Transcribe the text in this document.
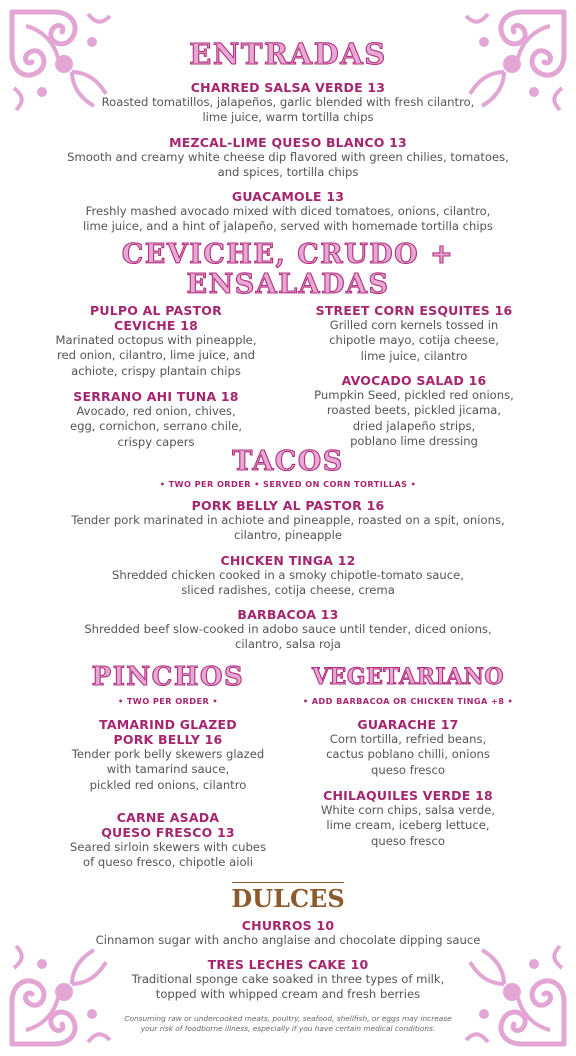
ENTRADAS
CHARRED SALSA VERDE 13
Roasted tomatillos, jalapeños, garlic blended with fresh cilantro,
lime juice, warm tortilla chips
MEZCAL-LIME QUESO BLANCO 13
Smooth and creamy white cheese dip flavored with green chilies, tomatoes,
and spices, tortilla chips
GUACAMOLE 13
Freshly mashed avocado mixed with diced tomatoes, onions, cilantro,
lime juice, and a hint of jalapeño, served with homemade tortilla chips
CEVICHE, CRUDO +
ENSALADAS
PULPO AL PASTOR
CEVICHE 18
Marinated octopus with pineapple,
red onion, cilantro, lime juice, and
achiote, crispy plantain chips
SERRANO AHI TUNA 18
Avocado, red onion, chives,
egg, cornichon, serrano chile,
crispy capers
STREET CORN ESQUITES 16
Grilled corn kernels tossed in
chipotle mayo, cotija cheese,
lime juice, cilantro
AVOCADO SALAD 16
Pumpkin Seed, pickled red onions,
roasted beets, pickled jicama,
dried jalapeño strips,
poblano lime dressing
TACOS
• TWO PER ORDER • SERVED ON CORN TORTILLAS •
PORK BELLY AL PASTOR 16
Tender pork marinated in achiote and pineapple, roasted on a spit, onions,
cilantro, pineapple
CHICKEN TINGA 12
Shredded chicken cooked in a smoky chipotle-tomato sauce,
sliced radishes, cotija cheese, crema
BARBACOA 13
Shredded beef slow-cooked in adobo sauce until tender, diced onions,
cilantro, salsa roja
PINCHOS
• TWO PER ORDER •
TAMARIND GLAZED
PORK BELLY 16
Tender pork belly skewers glazed
with tamarind sauce,
pickled red onions, cilantro
CARNE ASADA
QUESO FRESCO 13
Seared sirloin skewers with cubes
of queso fresco, chipotle aioli
VEGETARIANO
• ADD BARBACOA OR CHICKEN TINGA +8 •
GUARACHE 17
Corn tortilla, refried beans,
cactus poblano chilli, onions
queso fresco
CHILAQUILES VERDE 18
White corn chips, salsa verde,
lime cream, iceberg lettuce,
queso fresco
DULCES
CHURROS 10
Cinnamon sugar with ancho anglaise and chocolate dipping sauce
TRES LECHES CAKE 10
Traditional sponge cake soaked in three types of milk,
topped with whipped cream and fresh berries
Consuming raw or undercooked meats, poultry, seafood, shellfish, or eggs may increase
your risk of foodborne illness, especially if you have certain medical conditions.
